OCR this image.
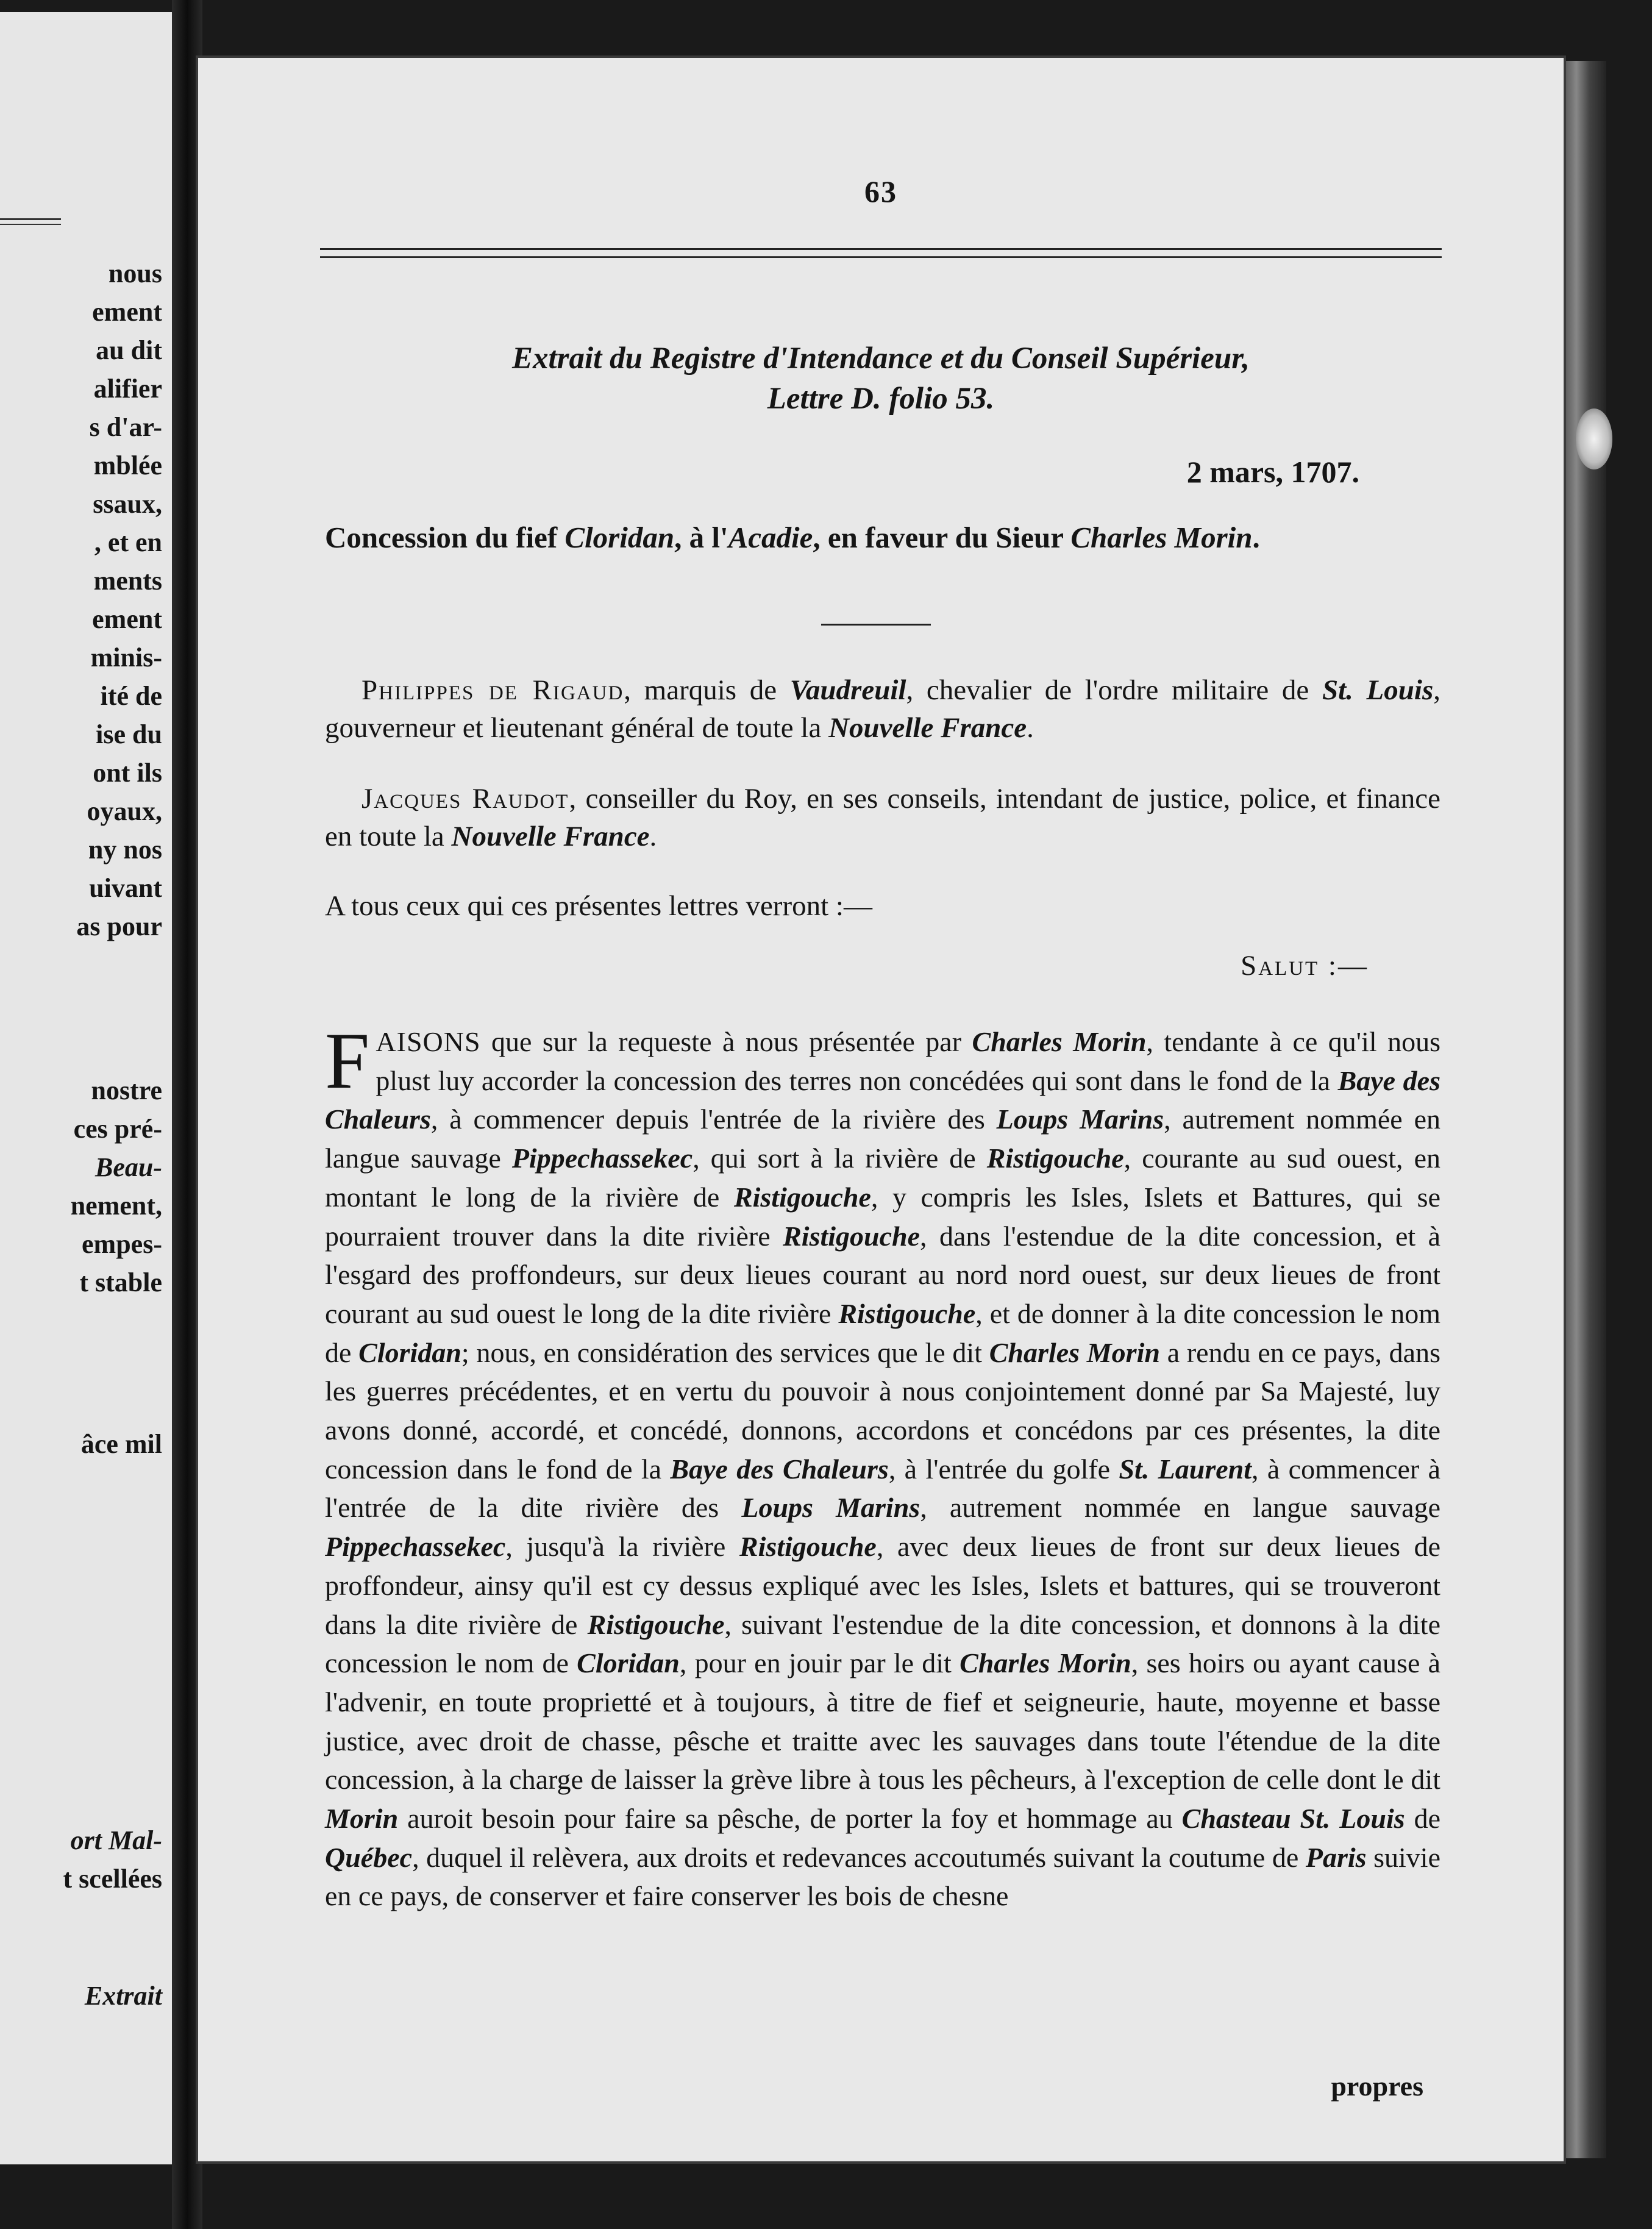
nous
ement
au dit
alifier
s d'ar-
mblée
ssaux,
, et en
ments
ement
minis-
ité de
ise du
ont ils
oyaux,
ny nos
uivant
as pour
nostre
ces pré-
Beau-
nement,
empes-
t stable
âce mil
ort Mal-
t scellées
Extrait
63
Extrait du Registre d'Intendance et du Conseil Supérieur,
Lettre D. folio 53.
2 mars, 1707.
Concession du fief Cloridan, à l'Acadie, en faveur du Sieur Charles Morin.
Philippes de Rigaud, marquis de Vaudreuil, chevalier de l'ordre militaire de St. Louis, gouverneur et lieutenant général de toute la Nouvelle France.
Jacques Raudot, conseiller du Roy, en ses conseils, intendant de justice, police, et finance en toute la Nouvelle France.
A tous ceux qui ces présentes lettres verront :—
Salut :—
FAISONS que sur la requeste à nous présentée par Charles Morin, tendante à ce qu'il nous plust luy accorder la concession des terres non concédées qui sont dans le fond de la Baye des Chaleurs, à commencer depuis l'entrée de la rivière des Loups Marins, autrement nommée en langue sauvage Pippechassekec, qui sort à la rivière de Ristigouche, courante au sud ouest, en montant le long de la rivière de Ristigouche, y compris les Isles, Islets et Battures, qui se pourraient trouver dans la dite rivière Ristigouche, dans l'estendue de la dite concession, et à l'esgard des proffondeurs, sur deux lieues courant au nord nord ouest, sur deux lieues de front courant au sud ouest le long de la dite rivière Ristigouche, et de donner à la dite concession le nom de Cloridan; nous, en considération des services que le dit Charles Morin a rendu en ce pays, dans les guerres précédentes, et en vertu du pouvoir à nous conjointement donné par Sa Majesté, luy avons donné, accordé, et concédé, donnons, accordons et concédons par ces présentes, la dite concession dans le fond de la Baye des Chaleurs, à l'entrée du golfe St. Laurent, à commencer à l'entrée de la dite rivière des Loups Marins, autrement nommée en langue sauvage Pippechassekec, jusqu'à la rivière Ristigouche, avec deux lieues de front sur deux lieues de proffondeur, ainsy qu'il est cy dessus expliqué avec les Isles, Islets et battures, qui se trouveront dans la dite rivière de Ristigouche, suivant l'estendue de la dite concession, et donnons à la dite concession le nom de Cloridan, pour en jouir par le dit Charles Morin, ses hoirs ou ayant cause à l'advenir, en toute proprietté et à toujours, à titre de fief et seigneurie, haute, moyenne et basse justice, avec droit de chasse, pêsche et traitte avec les sauvages dans toute l'étendue de la dite concession, à la charge de laisser la grève libre à tous les pêcheurs, à l'exception de celle dont le dit Morin auroit besoin pour faire sa pêsche, de porter la foy et hommage au Chasteau St. Louis de Québec, duquel il relèvera, aux droits et redevances accoutumés suivant la coutume de Paris suivie en ce pays, de conserver et faire conserver les bois de chesne
propres
